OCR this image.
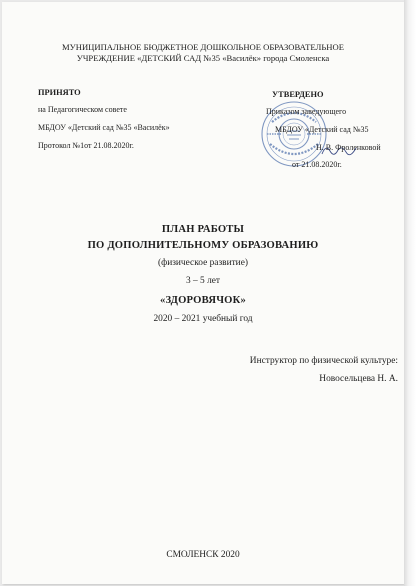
МУНИЦИПАЛЬНОЕ БЮДЖЕТНОЕ ДОШКОЛЬНОЕ ОБРАЗОВАТЕЛЬНОЕ
УЧРЕЖДЕНИЕ «ДЕТСКИЙ САД №35 «Василёк» города Смоленска
ПРИНЯТО
на Педагогическом совете
МБДОУ «Детский сад №35 «Василёк»
Протокол №1от 21.08.2020г.
УТВЕРДЕНО
Приказом заведующего
МБДОУ «Детский сад №35
Н. В. Фроленковой
от 21.08.2020г.
ПЛАН РАБОТЫ
ПО ДОПОЛНИТЕЛЬНОМУ ОБРАЗОВАНИЮ
(физическое развитие)
3 – 5 лет
«ЗДОРОВЯЧОК»
2020 – 2021 учебный год
Инструктор по физической культуре:
Новосельцева Н. А.
СМОЛЕНСК 2020
